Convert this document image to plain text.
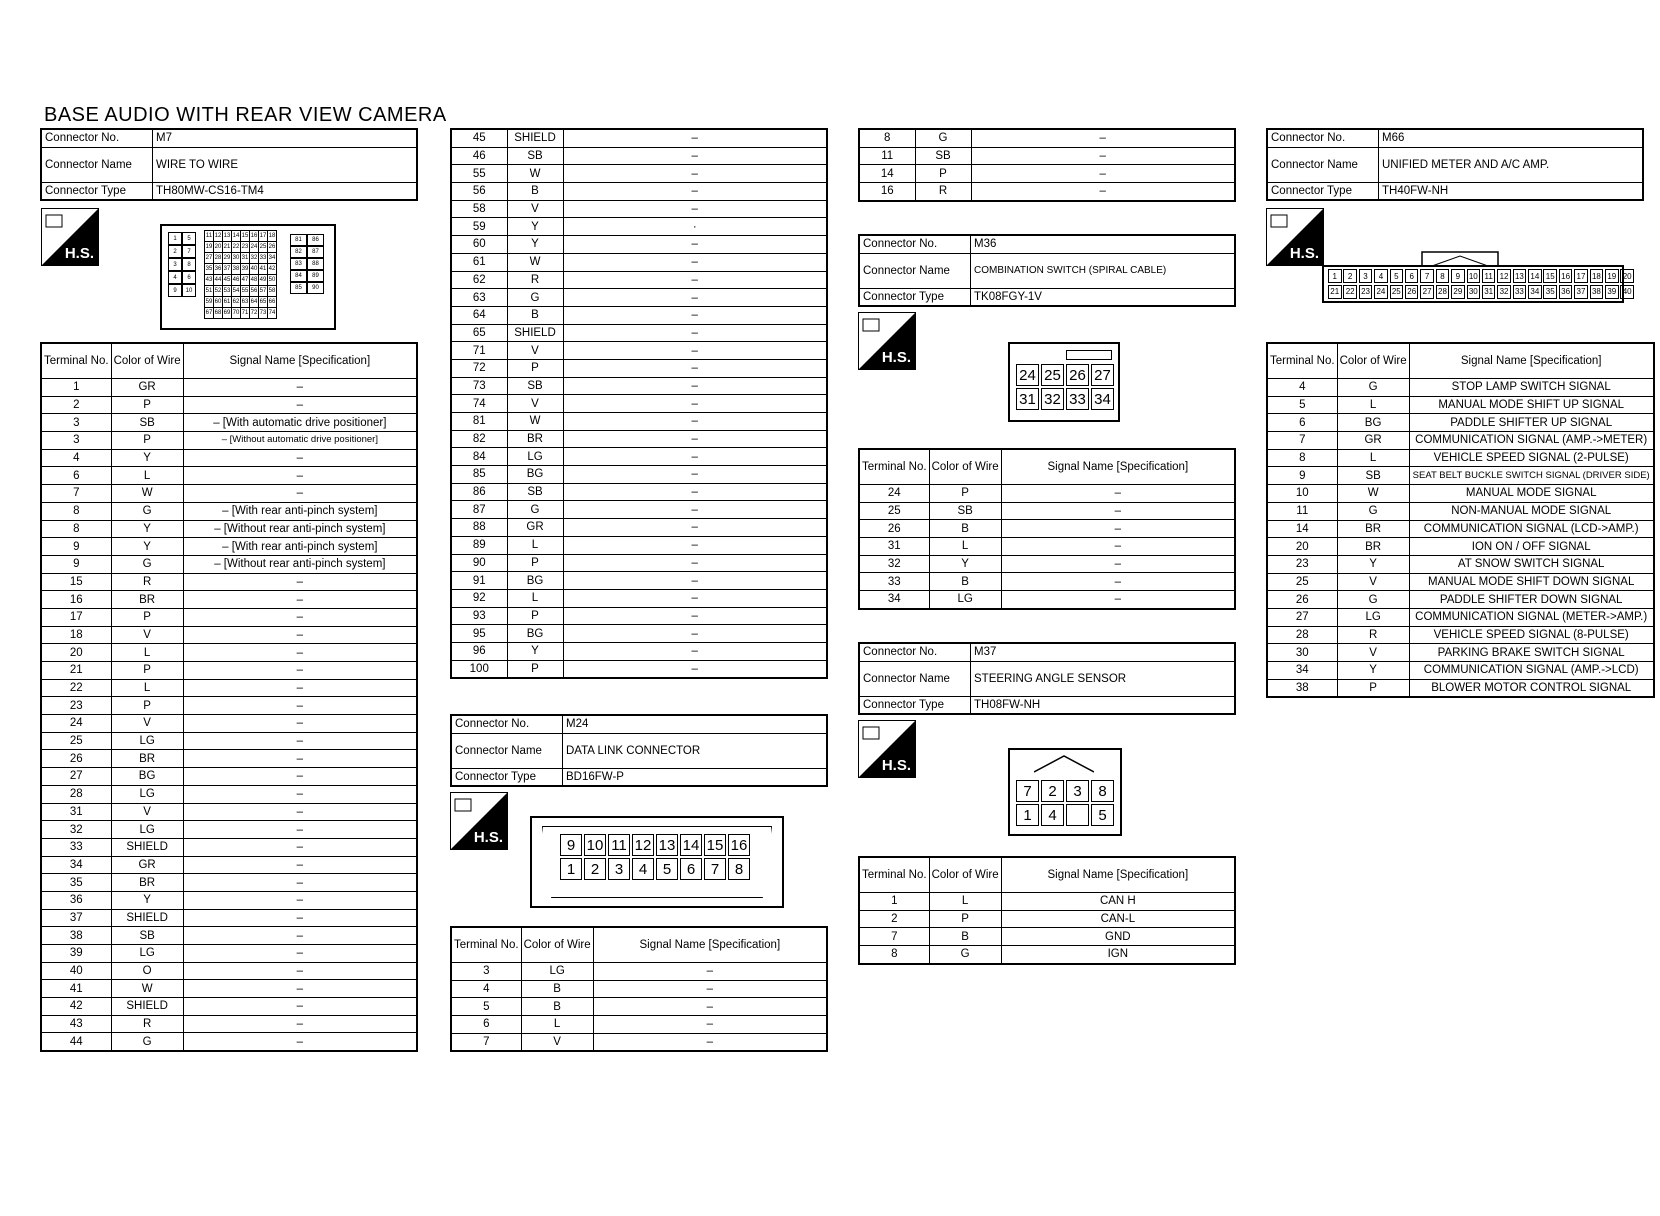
BASE AUDIO WITH REAR VIEW CAMERA
Connector No.	M7
Connector Name	WIRE TO WIRE
Connector Type	TH80MW-CS16-TM4
H.S.
1	5
2	7
3	8
4	6
9	10
11 12 13 14 15 16 17 18
19 20 21 22 23 24 25 26
27 28 29 30 31 32 33 34
35 36 37 38 39 40 41 42
43 44 45 46 47 48 49 50
51 52 53 54 55 56 57 58
59 60 61 62 63 64 65 66
67 68 69 70 71 72 73 74
81	86
82	87
83	88
84	89
85	90
Terminal No.	Color of Wire	Signal Name [Specification]
1	GR	–
2	P	–
3	SB	– [With automatic drive positioner]
3	P	– [Without automatic drive positioner]
4	Y	–
6	L	–
7	W	–
8	G	– [With rear anti-pinch system]
8	Y	– [Without rear anti-pinch system]
9	Y	– [With rear anti-pinch system]
9	G	– [Without rear anti-pinch system]
15	R	–
16	BR	–
17	P	–
18	V	–
20	L	–
21	P	–
22	L	–
23	P	–
24	V	–
25	LG	–
26	BR	–
27	BG	–
28	LG	–
31	V	–
32	LG	–
33	SHIELD	–
34	GR	–
35	BR	–
36	Y	–
37	SHIELD	–
38	SB	–
39	LG	–
40	O	–
41	W	–
42	SHIELD	–
43	R	–
44	G	–
45	SHIELD	–
46	SB	–
55	W	–
56	B	–
58	V	–
59	Y	·
60	Y	–
61	W	–
62	R	–
63	G	–
64	B	–
65	SHIELD	–
71	V	–
72	P	–
73	SB	–
74	V	–
81	W	–
82	BR	–
84	LG	–
85	BG	–
86	SB	–
87	G	–
88	GR	–
89	L	–
90	P	–
91	BG	–
92	L	–
93	P	–
95	BG	–
96	Y	–
100	P	–
Connector No.	M24
Connector Name	DATA LINK CONNECTOR
Connector Type	BD16FW-P
H.S.	9 10 11 12 13 14 15 16
1	2	3	4	5	6	7	8
Terminal No.	Color of Wire	Signal Name [Specification]
3	LG	–
4	B	–
5	B	–
6	L	–
7	V	–
8	G	–
11	SB	–
14	P	–
16	R	–
Connector No.	M36
Connector Name	COMBINATION SWITCH (SPIRAL CABLE)
Connector Type	TK08FGY-1V
H.S.
24 25 26 27
31 32 33 34
Terminal No.	Color of Wire	Signal Name [Specification]
24	P	–
25	SB	–
26	B	–
31	L	–
32	Y	–
33	B	–
34	LG	–
Connector No.	M37
Connector Name	STEERING ANGLE SENSOR
Connector Type	TH08FW-NH
H.S.
7	2	3	8
1	4	5
Terminal No.	Color of Wire	Signal Name [Specification]
1	L	CAN H
2	P	CAN-L
7	B	GND
8	G	IGN
Connector No.	M66
Connector Name	UNIFIED METER AND A/C AMP.
Connector Type	TH40FW-NH
H.S.
1	2	3	4	5	6	7	8	9	10 11 12 13 14 15 16 17 18 19 20
21 22 23 24 25 26 27 28 29 30 31 32 33 34 35 36 37 38 39 40
Terminal No.	Color of Wire	Signal Name [Specification]
4	G	STOP LAMP SWITCH SIGNAL
5	L	MANUAL MODE SHIFT UP SIGNAL
6	BG	PADDLE SHIFTER UP SIGNAL
7	GR	COMMUNICATION SIGNAL (AMP.->METER)
8	L	VEHICLE SPEED SIGNAL (2-PULSE)
9	SB	SEAT BELT BUCKLE SWITCH SIGNAL (DRIVER SIDE)
10	W	MANUAL MODE SIGNAL
11	G	NON-MANUAL MODE SIGNAL
14	BR	COMMUNICATION SIGNAL (LCD->AMP.)
20	BR	ION ON / OFF SIGNAL
23	Y	AT SNOW SWITCH SIGNAL
25	V	MANUAL MODE SHIFT DOWN SIGNAL
26	G	PADDLE SHIFTER DOWN SIGNAL
27	LG	COMMUNICATION SIGNAL (METER->AMP.)
28	R	VEHICLE SPEED SIGNAL (8-PULSE)
30	V	PARKING BRAKE SWITCH SIGNAL
34	Y	COMMUNICATION SIGNAL (AMP.->LCD)
38	P	BLOWER MOTOR CONTROL SIGNAL
